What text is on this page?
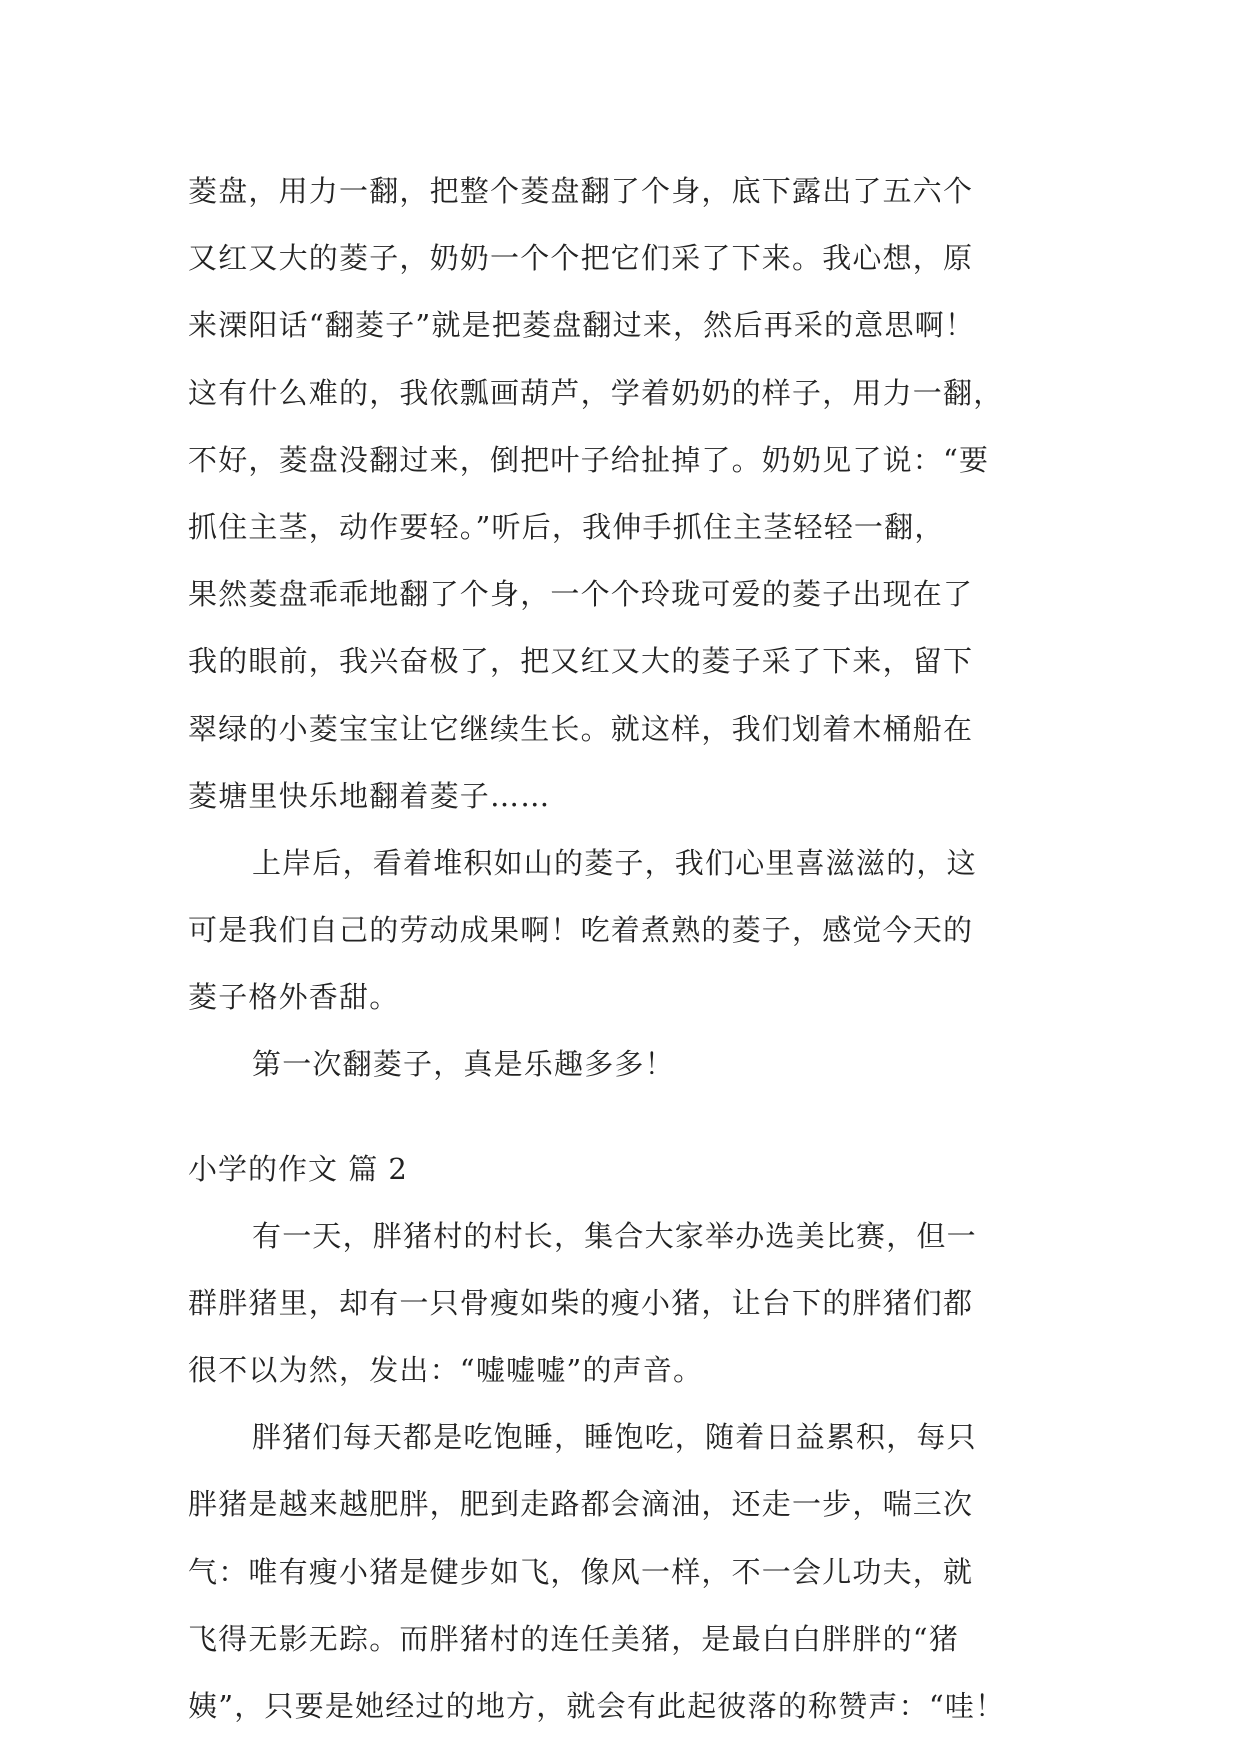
菱盘，用力一翻，把整个菱盘翻了个身，底下露出了五六个
又红又大的菱子，奶奶一个个把它们采了下来。我心想，原
来溧阳话“翻菱子”就是把菱盘翻过来，然后再采的意思啊！
这有什么难的，我依瓢画葫芦，学着奶奶的样子，用力一翻，
不好，菱盘没翻过来，倒把叶子给扯掉了。奶奶见了说：“要
抓住主茎，动作要轻。”听后，我伸手抓住主茎轻轻一翻，
果然菱盘乖乖地翻了个身，一个个玲珑可爱的菱子出现在了
我的眼前，我兴奋极了，把又红又大的菱子采了下来，留下
翠绿的小菱宝宝让它继续生长。就这样，我们划着木桶船在
菱塘里快乐地翻着菱子……
上岸后，看着堆积如山的菱子，我们心里喜滋滋的，这
可是我们自己的劳动成果啊！吃着煮熟的菱子，感觉今天的
菱子格外香甜。
第一次翻菱子，真是乐趣多多！
小学的作文 篇 2
有一天，胖猪村的村长，集合大家举办选美比赛，但一
群胖猪里，却有一只骨瘦如柴的瘦小猪，让台下的胖猪们都
很不以为然，发出：“嘘嘘嘘”的声音。
胖猪们每天都是吃饱睡，睡饱吃，随着日益累积，每只
胖猪是越来越肥胖，肥到走路都会滴油，还走一步，喘三次
气：唯有瘦小猪是健步如飞，像风一样，不一会儿功夫，就
飞得无影无踪。而胖猪村的连任美猪，是最白白胖胖的“猪
姨”，只要是她经过的地方，就会有此起彼落的称赞声：“哇！
